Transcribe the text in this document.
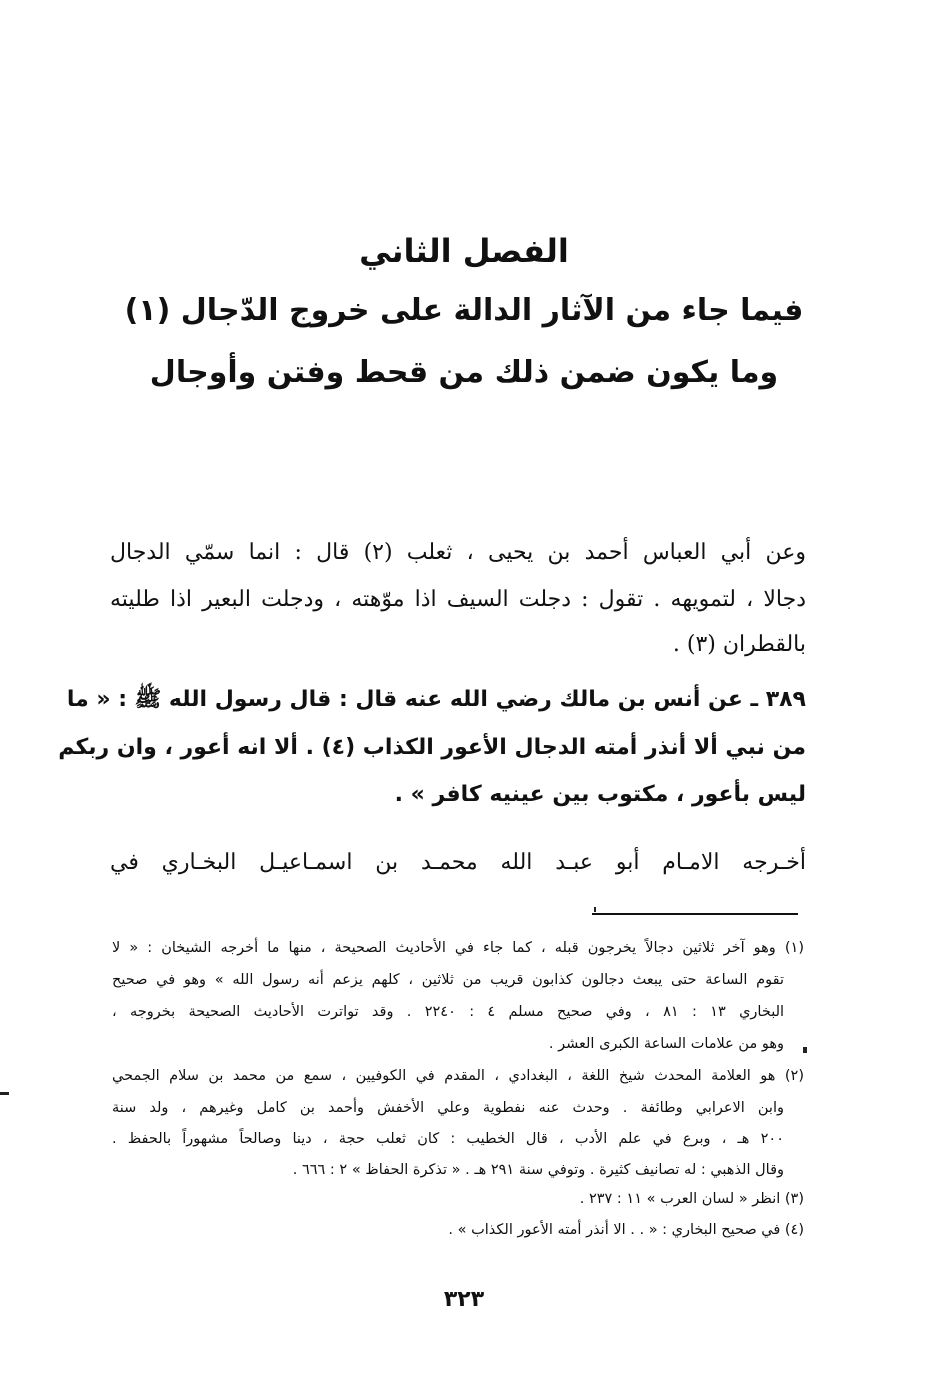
الفصل الثاني
فيما جاء من الآثار الدالة على خروج الدّجال (١)
وما يكون ضمن ذلك من قحط وفتن وأوجال
وعن أبي العباس أحمد بن يحيى ، ثعلب (٢) قال : انما سمّي الدجال
دجالا ، لتمويهه . تقول : دجلت السيف اذا موّهته ، ودجلت البعير اذا طليته
بالقطران (٣) .
٣٨٩ ـ عن أنس بن مالك رضي الله عنه قال : قال رسول الله ﷺ : « ما
من نبي ألا أنذر أمته الدجال الأعور الكذاب (٤) . ألا انه أعور ، وان ربكم
ليس بأعور ، مكتوب بين عينيه كافر » .
أخـرجه الامـام أبو عبـد الله محمـد بن اسمـاعيـل البخـاري في
(١) وهو آخر ثلاثين دجالاً يخرجون قبله ، كما جاء في الأحاديث الصحيحة ، منها ما أخرجه الشيخان : « لا
تقوم الساعة حتى يبعث دجالون كذابون قريب من ثلاثين ، كلهم يزعم أنه رسول الله » وهو في صحيح
البخاري ١٣ : ٨١ ، وفي صحيح مسلم ٤ : ٢٢٤٠ . وقد تواترت الأحاديث الصحيحة بخروجه ،
وهو من علامات الساعة الكبرى العشر .
(٢) هو العلامة المحدث شيخ اللغة ، البغدادي ، المقدم في الكوفيين ، سمع من محمد بن سلام الجمحي
وابن الاعرابي وطائفة . وحدث عنه نفطوية وعلي الأخفش وأحمد بن كامل وغيرهم ، ولد سنة
٢٠٠ هـ ، وبرع في علم الأدب ، قال الخطيب : كان ثعلب حجة ، دينا وصالحاً مشهوراً بالحفظ .
وقال الذهبي : له تصانيف كثيرة . وتوفي سنة ٢٩١ هـ . « تذكرة الحفاظ » ٢ : ٦٦٦ .
(٣) انظر « لسان العرب » ١١ : ٢٣٧ .
(٤) في صحيح البخاري : « . . الا أنذر أمته الأعور الكذاب » .
٣٢٣
